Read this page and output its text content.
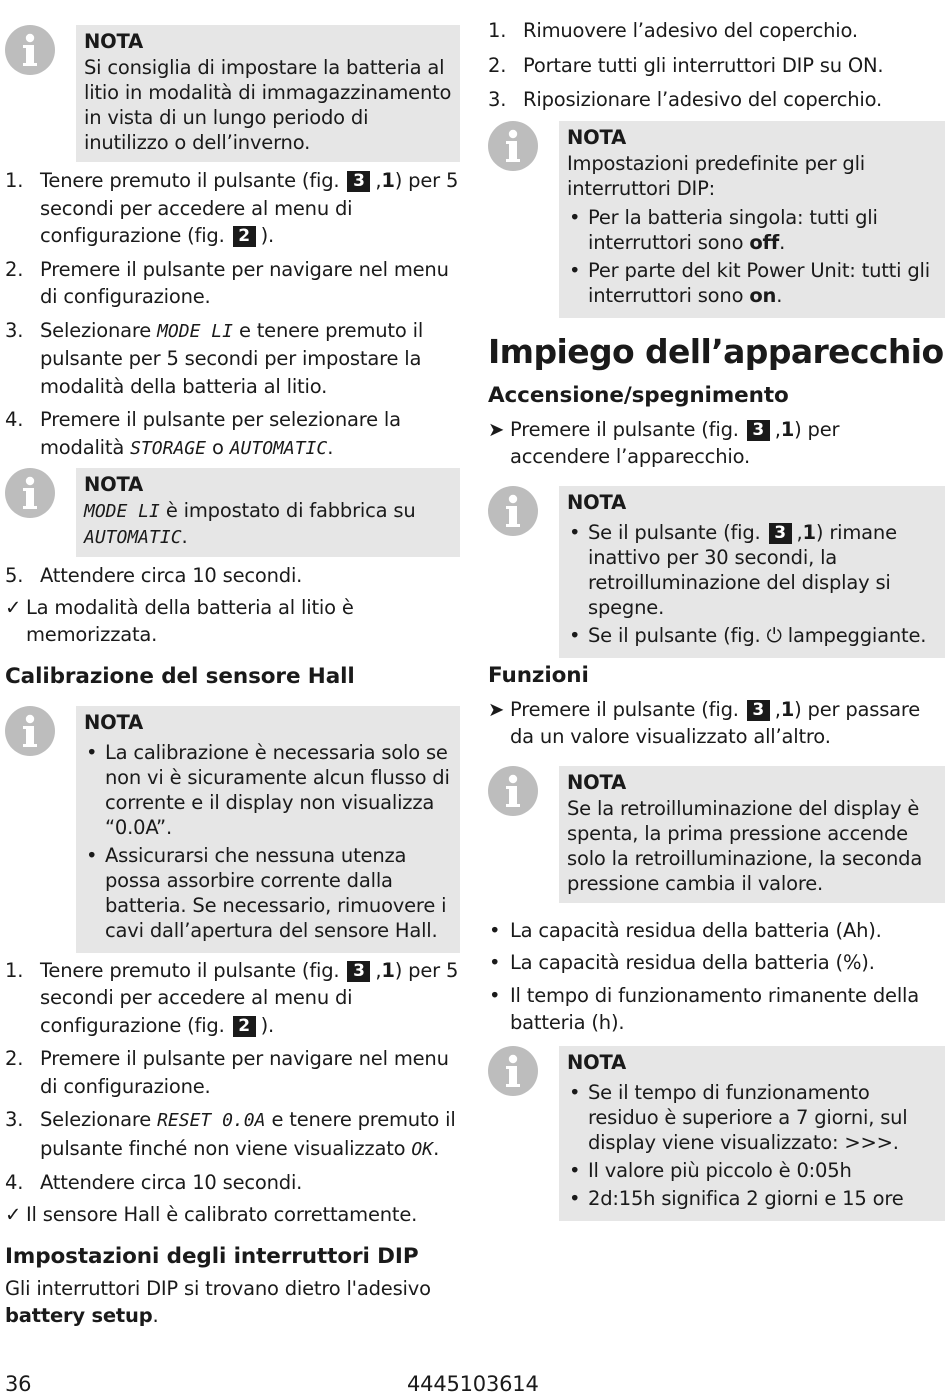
NOTA

Si consiglia di impostare la batteria al litio in modalità di immagazzinamento in vista di un lungo periodo di inutilizzo o dell’inverno.

1. Tenere premuto il pulsante (fig. 3 ,1) per 5 secondi per accedere al menu di configurazione (fig. 2 ).
2. Premere il pulsante per navigare nel menu di configurazione.
3. Selezionare MODE LI e tenere premuto il pulsante per 5 secondi per impostare la modalità della batteria al litio.
4. Premere il pulsante per selezionare la modalità STORAGE o AUTOMATIC.
NOTA

MODE LI è impostato di fabbrica su AUTOMATIC.

5. Attendere circa 10 secondi.
✓ La modalità della batteria al litio è memorizzata.
Calibrazione del sensore Hall
NOTA
• La calibrazione è necessaria solo se non vi è sicuramente alcun flusso di corrente e il display non visualizza “0.0A”.
• Assicurarsi che nessuna utenza possa assorbire corrente dalla batteria. Se necessario, rimuovere i cavi dall’apertura del sensore Hall.
1. Tenere premuto il pulsante (fig. 3 ,1) per 5 secondi per accedere al menu di configurazione (fig. 2 ).
2. Premere il pulsante per navigare nel menu di configurazione.
3. Selezionare RESET 0.0A e tenere premuto il pulsante finché non viene visualizzato OK.
4. Attendere circa 10 secondi.
✓ Il sensore Hall è calibrato correttamente.
Impostazioni degli interruttori DIP

Gli interruttori DIP si trovano dietro l'adesivo battery setup.

1. Rimuovere l’adesivo del coperchio.
2. Portare tutti gli interruttori DIP su ON.
3. Riposizionare l’adesivo del coperchio.
NOTA

Impostazioni predefinite per gli interruttori DIP:

• Per la batteria singola: tutti gli interruttori sono off.
• Per parte del kit Power Unit: tutti gli interruttori sono on.
Impiego dell’apparecchio
Accensione/spegnimento
➤ Premere il pulsante (fig. 3 ,1) per accendere l’apparecchio.
NOTA
• Se il pulsante (fig. 3 ,1) rimane inattivo per 30 secondi, la retroilluminazione del display si spegne.
• Se il pulsante (fig. ⏻ lampeggiante.
Funzioni
➤ Premere il pulsante (fig. 3 ,1) per passare da un valore visualizzato all’altro.
NOTA

Se la retroilluminazione del display è spenta, la prima pressione accende solo la retroilluminazione, la seconda pressione cambia il valore.

• La capacità residua della batteria (Ah).
• La capacità residua della batteria (%).
• Il tempo di funzionamento rimanente della batteria (h).
NOTA
• Se il tempo di funzionamento residuo è superiore a 7 giorni, sul display viene visualizzato: >>>.
• Il valore più piccolo è 0:05h
• 2d:15h significa 2 giorni e 15 ore
36	4445103614
